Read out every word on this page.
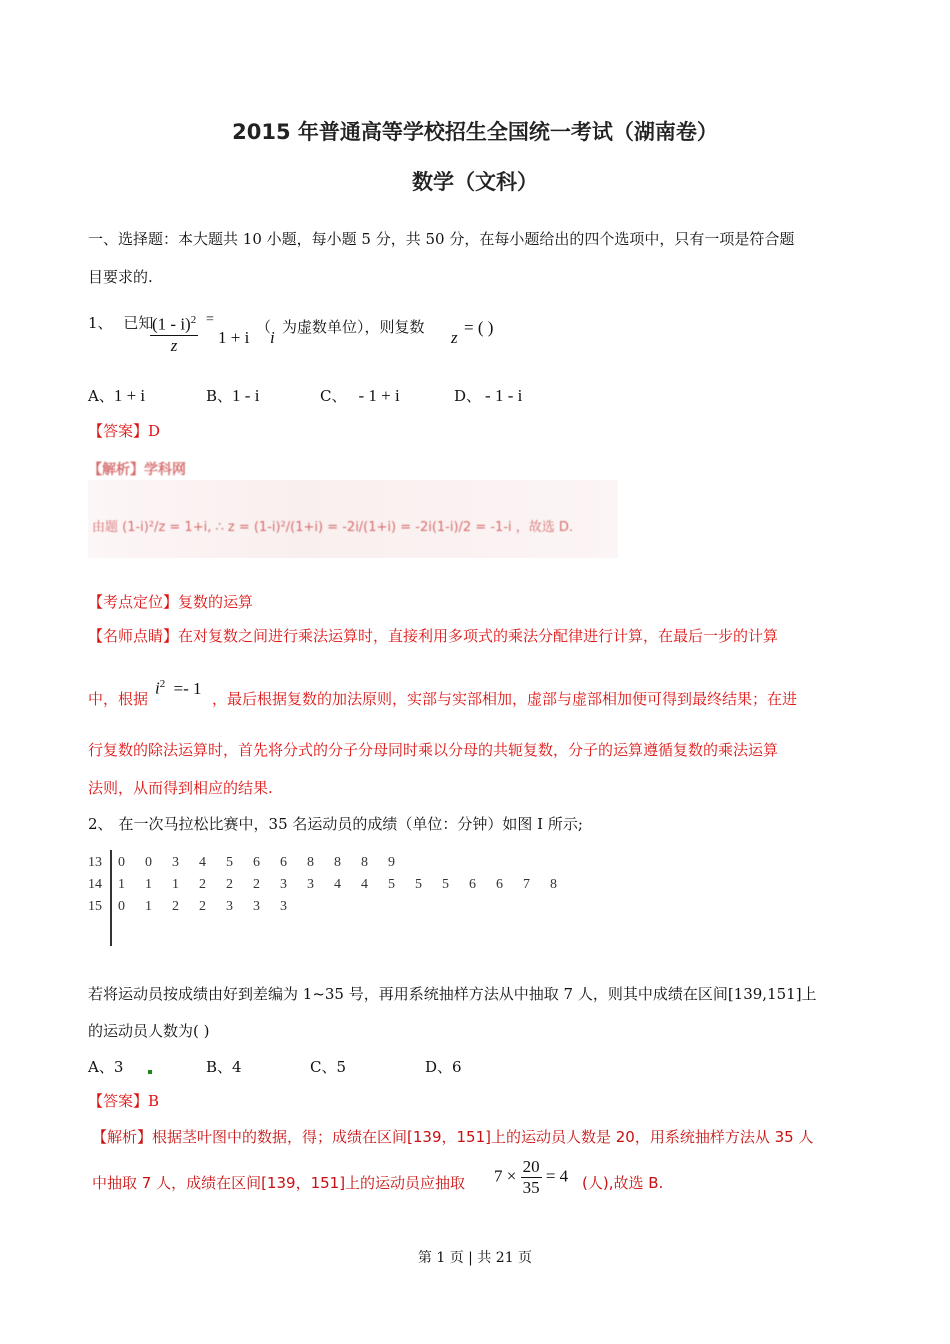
2015 年普通高等学校招生全国统一考试（湖南卷）
数学（文科）
一、选择题：本大题共 10 小题，每小题 5 分，共 50 分，在每小题给出的四个选项中，只有一项是符合题
目要求的.
1、 已知
$\frac{(1 - i)^2}{z}$ =
1 + i
（
i
为虚数单位），则复数
z
= ( )
A、1 + i	B、1 - i	C、 - 1 + i	D、 - 1 - i
【答案】D
【解析】学科网
由题 (1-i)²/z = 1+i, ∴ z = (1-i)²/(1+i) = -2i/(1+i) = -2i(1-i)/2 = -1-i ，故选 D.
【考点定位】复数的运算
【名师点睛】在对复数之间进行乘法运算时，直接利用多项式的乘法分配律进行计算，在最后一步的计算
中，根据
$i^2 =- 1$
，最后根据复数的加法原则，实部与实部相加，虚部与虚部相加便可得到最终结果；在进
行复数的除法运算时，首先将分式的分子分母同时乘以分母的共轭复数，分子的运算遵循复数的乘法运算
法则，从而得到相应的结果.
2、 在一次马拉松比赛中，35 名运动员的成绩（单位：分钟）如图 I 所示;
13	0	0	3	4	5	6	6	8	8	8	9						
14	1	1	1	2	2	2	3	3	4	4	5	5	5	6	6	7	8
15	0	1	2	2	3	3	3										
若将运动员按成绩由好到差编为 1~35 号，再用系统抽样方法从中抽取 7 人，则其中成绩在区间[139,151]上
的运动员人数为( )
A、3	B、4	C、5	D、6
【答案】B
【解析】根据茎叶图中的数据，得；成绩在区间[139，151]上的运动员人数是 20，用系统抽样方法从 35 人
中抽取 7 人，成绩在区间[139，151]上的运动员应抽取 $7 \times \frac{20}{35} = 4$ (人),故选 B.
第 1 页 | 共 21 页
